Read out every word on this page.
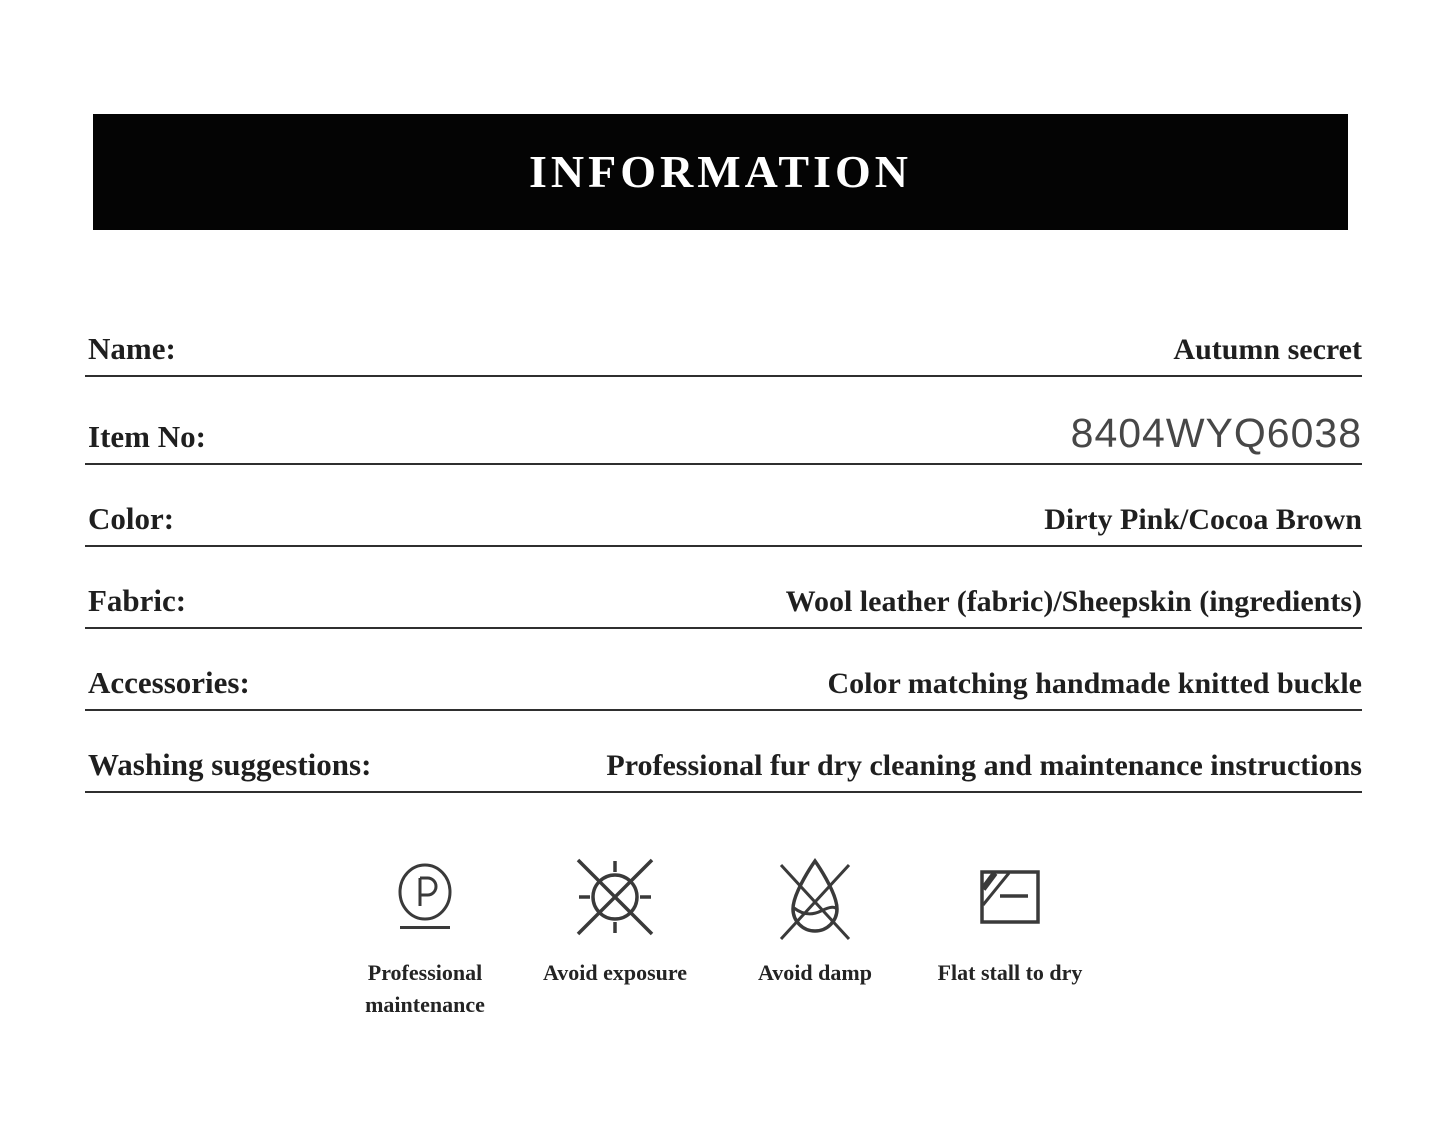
INFORMATION
Name:	Autumn secret
Item No:	8404WYQ6038
Color:	Dirty Pink/Cocoa Brown
Fabric:	Wool leather (fabric)/Sheepskin (ingredients)
Accessories:	Color matching handmade knitted buckle
Washing suggestions:	Professional fur dry cleaning and maintenance instructions
Professional maintenance
Avoid exposure	Avoid damp	Flat stall to dry
